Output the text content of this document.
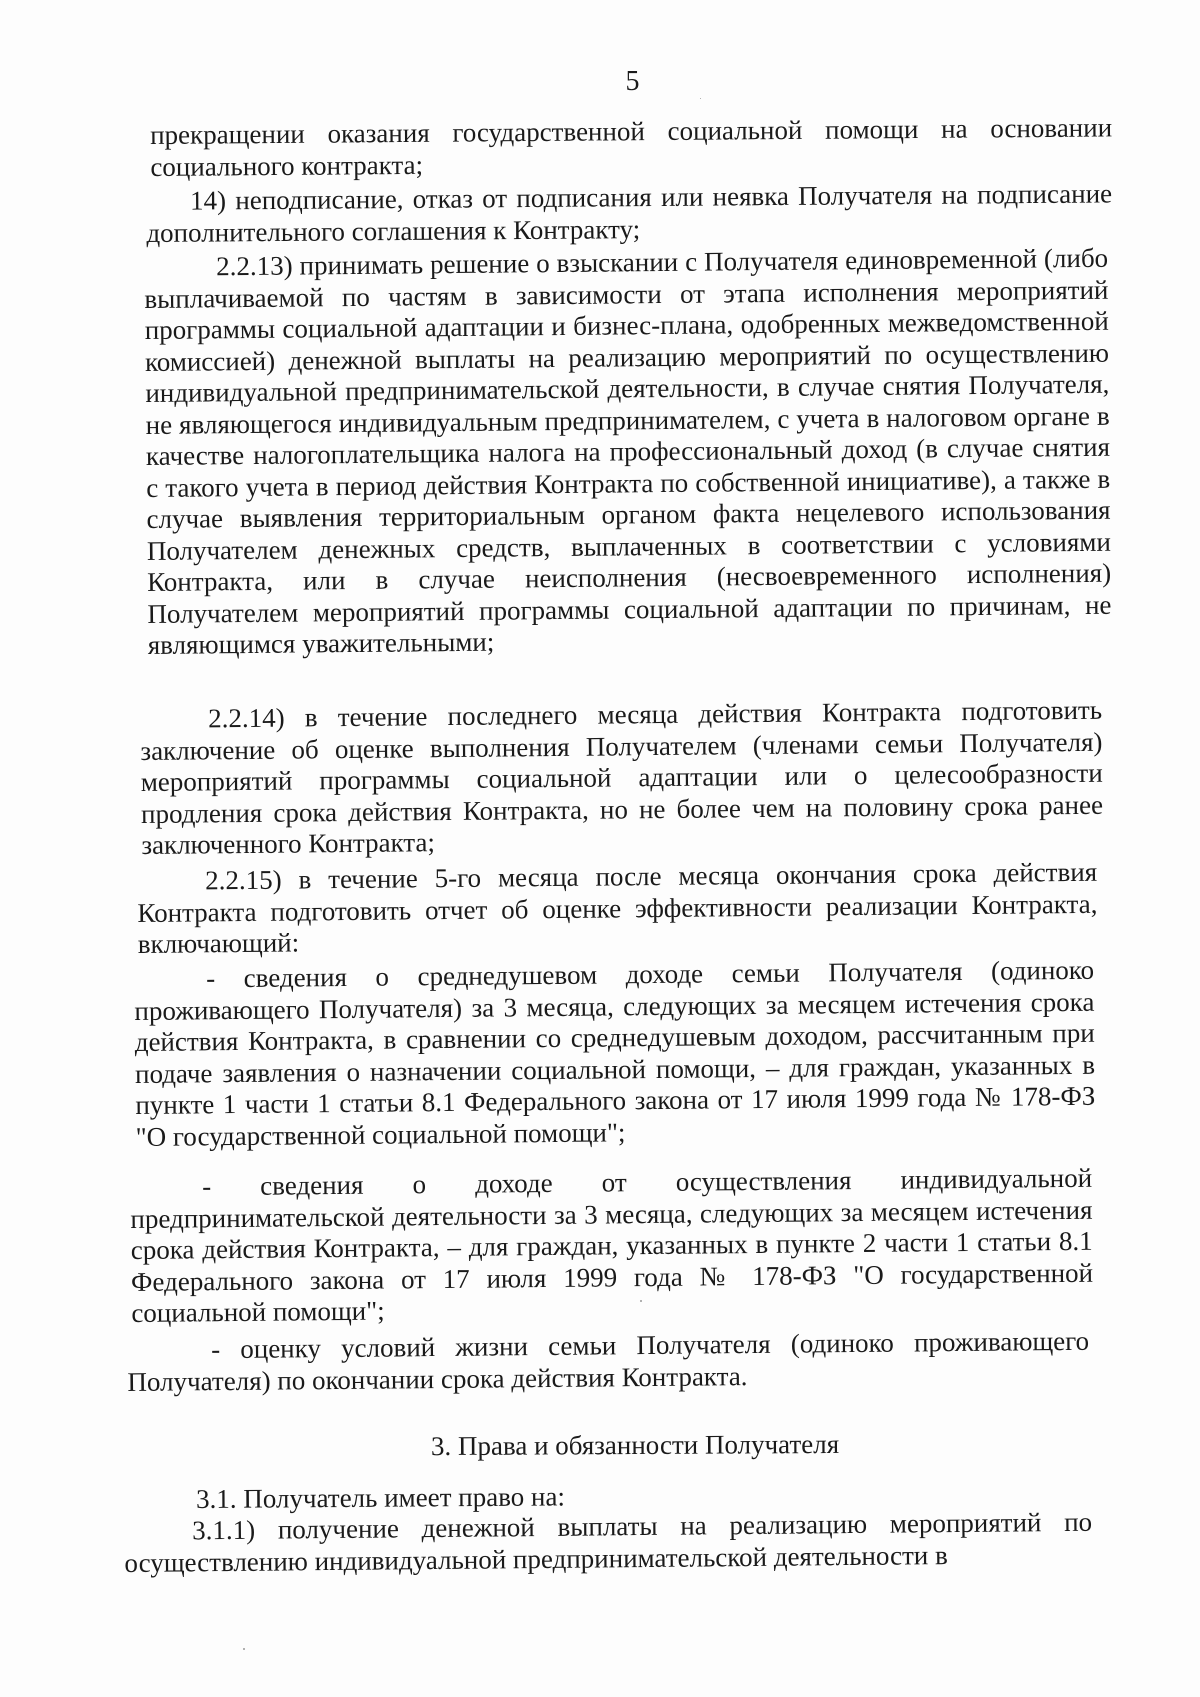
5
прекращении оказания государственной социальной помощи на основании социального контракта;
14) неподписание, отказ от подписания или неявка Получателя на подписание дополнительного соглашения к Контракту;
2.2.13) принимать решение о взыскании с Получателя единовременной (либо выплачиваемой по частям в зависимости от этапа исполнения мероприятий программы социальной адаптации и бизнес-плана, одобренных межведомственной комиссией) денежной выплаты на реализацию мероприятий по осуществлению индивидуальной предпринимательской деятельности, в случае снятия Получателя, не являющегося индивидуальным предпринимателем, с учета в налоговом органе в качестве налогоплательщика налога на профессиональный доход (в случае снятия с такого учета в период действия Контракта по собственной инициативе), а также в случае выявления территориальным органом факта нецелевого использования Получателем денежных средств, выплаченных в соответствии с условиями Контракта, или в случае неисполнения (несвоевременного исполнения) Получателем мероприятий программы социальной адаптации по причинам, не являющимся уважительными;
2.2.14) в течение последнего месяца действия Контракта подготовить заключение об оценке выполнения Получателем (членами семьи Получателя) мероприятий программы социальной адаптации или о целесообразности продления срока действия Контракта, но не более чем на половину срока ранее заключенного Контракта;
2.2.15) в течение 5-го месяца после месяца окончания срока действия Контракта подготовить отчет об оценке эффективности реализации Контракта, включающий:
- сведения о среднедушевом доходе семьи Получателя (одиноко проживающего Получателя) за 3 месяца, следующих за месяцем истечения срока действия Контракта, в сравнении со среднедушевым доходом, рассчитанным при подаче заявления о назначении социальной помощи, – для граждан, указанных в пункте 1 части 1 статьи 8.1 Федерального закона от 17 июля 1999 года № 178-ФЗ "О государственной социальной помощи";
- сведения о доходе от осуществления индивидуальной предпринимательской деятельности за 3 месяца, следующих за месяцем истечения срока действия Контракта, – для граждан, указанных в пункте 2 части 1 статьи 8.1 Федерального закона от 17 июля 1999 года № 178-ФЗ "О государственной социальной помощи";
- оценку условий жизни семьи Получателя (одиноко проживающего Получателя) по окончании срока действия Контракта.
3. Права и обязанности Получателя
3.1. Получатель имеет право на:
3.1.1) получение денежной выплаты на реализацию мероприятий по осуществлению индивидуальной предпринимательской деятельности в
